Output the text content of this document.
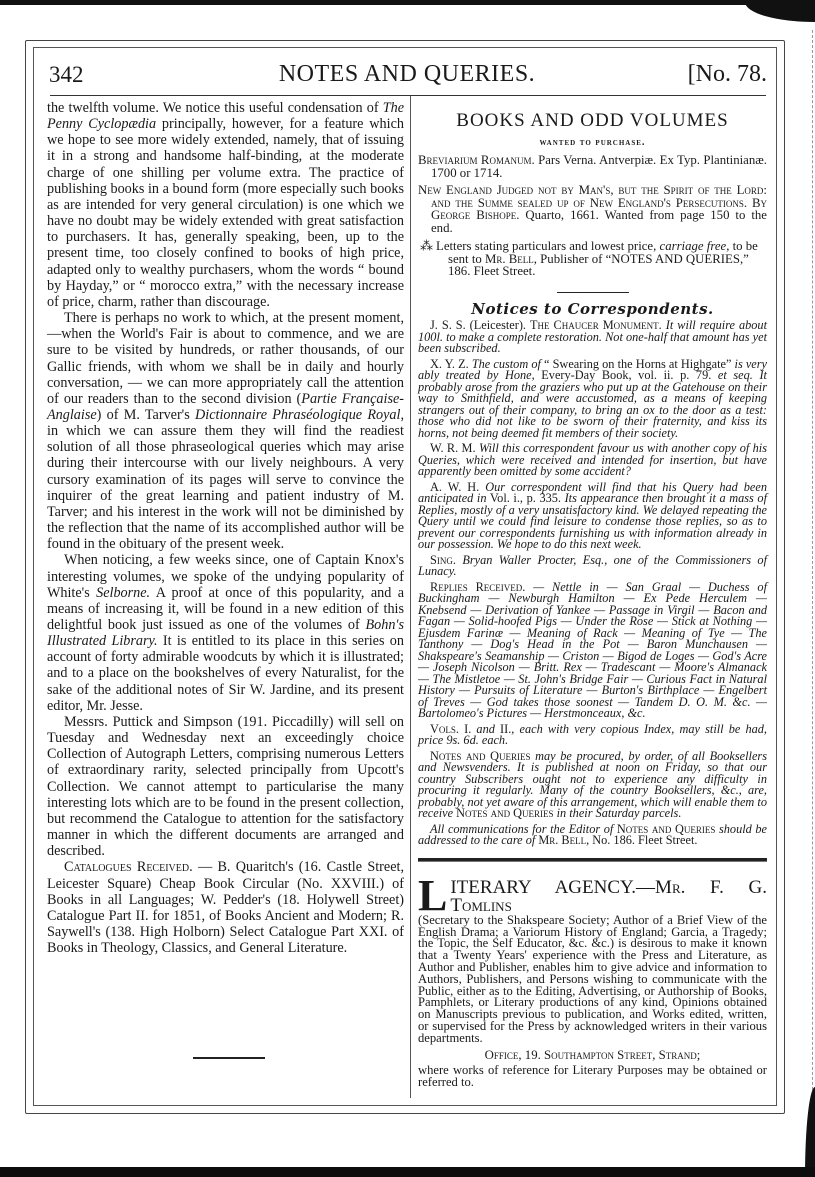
342	NOTES AND QUERIES.	[No. 78.

the twelfth volume. We notice this useful condensation of The Penny Cyclopædia principally, however, for a feature which we hope to see more widely extended, namely, that of issuing it in a strong and handsome half-binding, at the moderate charge of one shilling per volume extra. The practice of publishing books in a bound form (more especially such books as are intended for very general circulation) is one which we have no doubt may be widely extended with great satisfaction to purchasers. It has, generally speaking, been, up to the present time, too closely confined to books of high price, adapted only to wealthy purchasers, whom the words “ bound by Hayday,” or “ morocco extra,” with the necessary increase of price, charm, rather than discourage.

There is perhaps no work to which, at the present moment,—when the World's Fair is about to commence, and we are sure to be visited by hundreds, or rather thousands, of our Gallic friends, with whom we shall be in daily and hourly conversation, — we can more appropriately call the attention of our readers than to the second division (Partie Française-Anglaise) of M. Tarver's Dictionnaire Phraséologique Royal, in which we can assure them they will find the readiest solution of all those phraseological queries which may arise during their intercourse with our lively neighbours. A very cursory examination of its pages will serve to convince the inquirer of the great learning and patient industry of M. Tarver; and his interest in the work will not be diminished by the reflection that the name of its accomplished author will be found in the obituary of the present week.

When noticing, a few weeks since, one of Captain Knox's interesting volumes, we spoke of the undying popularity of White's Selborne. A proof at once of this popularity, and a means of increasing it, will be found in a new edition of this delightful book just issued as one of the volumes of Bohn's Illustrated Library. It is entitled to its place in this series on account of forty admirable woodcuts by which it is illustrated; and to a place on the bookshelves of every Naturalist, for the sake of the additional notes of Sir W. Jardine, and its present editor, Mr. Jesse.

Messrs. Puttick and Simpson (191. Piccadilly) will sell on Tuesday and Wednesday next an exceedingly choice Collection of Autograph Letters, comprising numerous Letters of extraordinary rarity, selected principally from Upcott's Collection. We cannot attempt to particularise the many interesting lots which are to be found in the present collection, but recommend the Catalogue to attention for the satisfactory manner in which the different documents are arranged and described.

Catalogues Received. — B. Quaritch's (16. Castle Street, Leicester Square) Cheap Book Circular (No. XXVIII.) of Books in all Languages; W. Pedder's (18. Holywell Street) Catalogue Part II. for 1851, of Books Ancient and Modern; R. Saywell's (138. High Holborn) Select Catalogue Part XXI. of Books in Theology, Classics, and General Literature.

BOOKS AND ODD VOLUMES
wanted to purchase.

Breviarium Romanum. Pars Verna. Antverpiæ. Ex Typ. Plantinianæ. 1700 or 1714.

New England Judged not by Man's, but the Spirit of the Lord: and the Summe sealed up of New England's Persecutions. By George Bishope. Quarto, 1661. Wanted from page 150 to the end.

⁂ Letters stating particulars and lowest price, carriage free, to be sent to Mr. Bell, Publisher of “NOTES AND QUERIES,” 186. Fleet Street.

Notices to Correspondents.

J. S. S. (Leicester). The Chaucer Monument. It will require about 100l. to make a complete restoration. Not one-half that amount has yet been subscribed.

X. Y. Z. The custom of “ Swearing on the Horns at Highgate” is very ably treated by Hone, Every-Day Book, vol. ii. p. 79. et seq. It probably arose from the graziers who put up at the Gatehouse on their way to Smithfield, and were accustomed, as a means of keeping strangers out of their company, to bring an ox to the door as a test: those who did not like to be sworn of their fraternity, and kiss its horns, not being deemed fit members of their society.

W. R. M. Will this correspondent favour us with another copy of his Queries, which were received and intended for insertion, but have apparently been omitted by some accident?

A. W. H. Our correspondent will find that his Query had been anticipated in Vol. i., p. 335. Its appearance then brought it a mass of Replies, mostly of a very unsatisfactory kind. We delayed repeating the Query until we could find leisure to condense those replies, so as to prevent our correspondents furnishing us with information already in our possession. We hope to do this next week.

Sing. Bryan Waller Procter, Esq., one of the Commissioners of Lunacy.

Replies Received. — Nettle in — San Graal — Duchess of Buckingham — Newburgh Hamilton — Ex Pede Herculem — Knebsend — Derivation of Yankee — Passage in Virgil — Bacon and Fagan — Solid-hoofed Pigs — Under the Rose — Stick at Nothing — Ejusdem Farinæ — Meaning of Rack — Meaning of Tye — The Tanthony — Dog's Head in the Pot — Baron Munchausen — Shakspeare's Seamanship — Criston — Bigod de Loges — God's Acre — Joseph Nicolson — Britt. Rex — Tradescant — Moore's Almanack — The Mistletoe — St. John's Bridge Fair — Curious Fact in Natural History — Pursuits of Literature — Burton's Birthplace — Engelbert of Treves — God takes those soonest — Tandem D. O. M. &c. — Bartolomeo's Pictures — Herstmonceaux, &c.

Vols. I. and II., each with very copious Index, may still be had, price 9s. 6d. each.

Notes and Queries may be procured, by order, of all Booksellers and Newsvenders. It is published at noon on Friday, so that our country Subscribers ought not to experience any difficulty in procuring it regularly. Many of the country Booksellers, &c., are, probably, not yet aware of this arrangement, which will enable them to receive Notes and Queries in their Saturday parcels.

All communications for the Editor of Notes and Queries should be addressed to the care of Mr. Bell, No. 186. Fleet Street.

LITERARY AGENCY.—Mr. F. G. Tomlins
(Secretary to the Shakspeare Society; Author of a Brief View of the English Drama; a Variorum History of England; Garcia, a Tragedy; the Topic, the Self Educator, &c. &c.) is desirous to make it known that a Twenty Years' experience with the Press and Literature, as Author and Publisher, enables him to give advice and information to Authors, Publishers, and Persons wishing to communicate with the Public, either as to the Editing, Advertising, or Authorship of Books, Pamphlets, or Literary productions of any kind, Opinions obtained on Manuscripts previous to publication, and Works edited, written, or supervised for the Press by acknowledged writers in their various departments.
Office, 19. Southampton Street, Strand;
where works of reference for Literary Purposes may be obtained or referred to.
